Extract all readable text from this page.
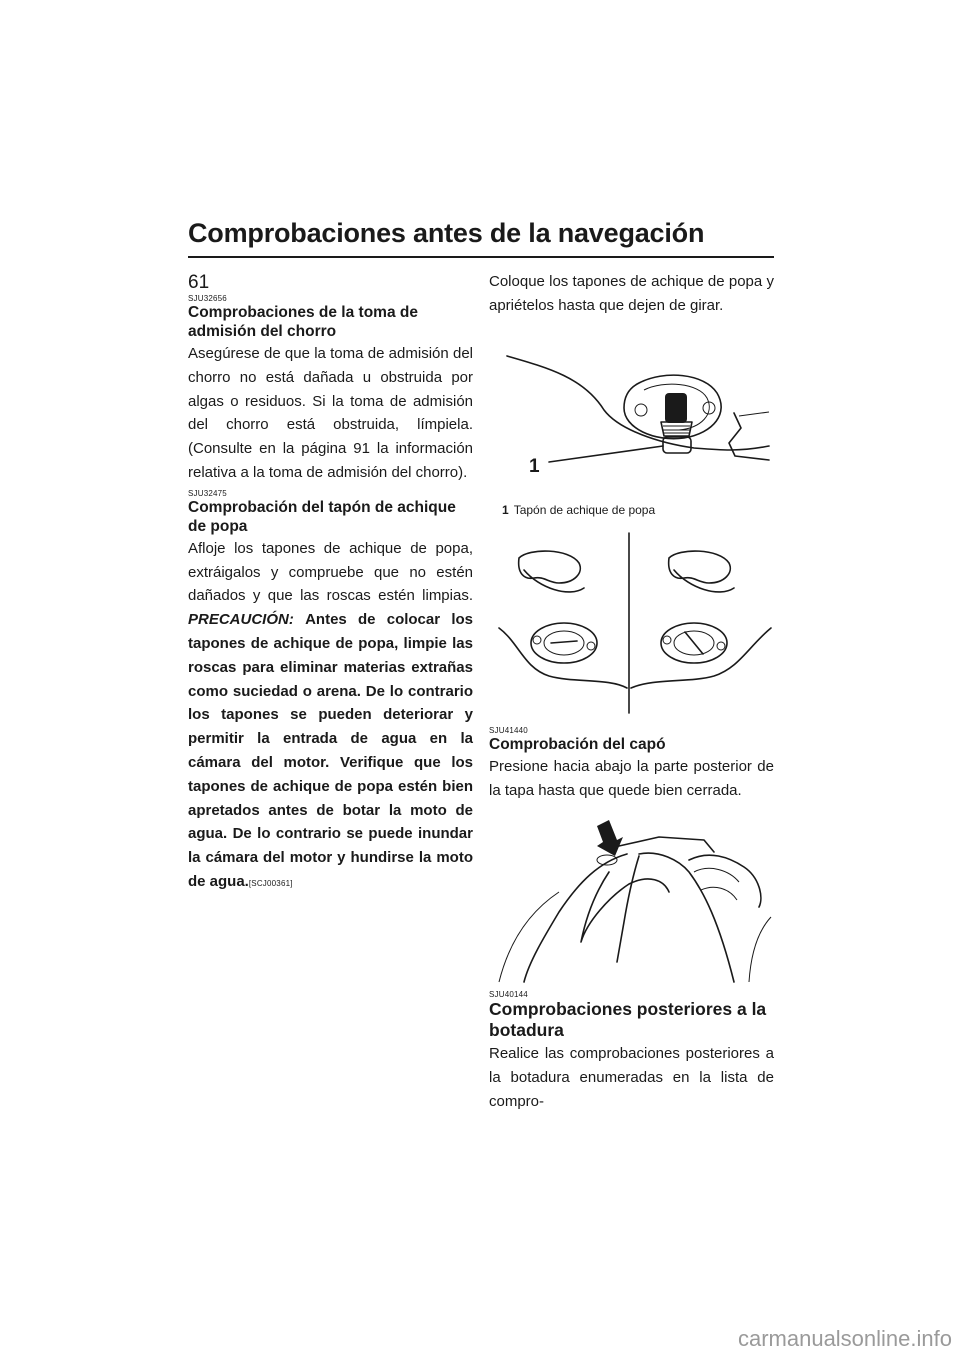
Comprobaciones antes de la navegación
61

SJU32656

Comprobaciones de la toma de admisión del chorro

Asegúrese de que la toma de admisión del chorro no está dañada u obstruida por algas o residuos. Si la toma de admisión del chorro está obstruida, límpiela. (Consulte en la página 91 la información relativa a la toma de admisión del chorro).

SJU32475

Comprobación del tapón de achique de popa

Afloje los tapones de achique de popa, extráigalos y compruebe que no estén dañados y que las roscas estén limpias. PRECAUCIÓN: Antes de colocar los tapones de achique de popa, limpie las roscas para eliminar materias extrañas como suciedad o arena. De lo contrario los tapones se pueden deteriorar y permitir la entrada de agua en la cámara del motor. Verifique que los tapones de achique de popa estén bien apretados antes de botar la moto de agua. De lo contrario se puede inundar la cámara del motor y hundirse la moto de agua.[SCJ00361]

Coloque los tapones de achique de popa y apriételos hasta que dejen de girar.

1
1 Tapón de achique de popa

SJU41440

Comprobación del capó

Presione hacia abajo la parte posterior de la tapa hasta que quede bien cerrada.

SJU40144

Comprobaciones posteriores a la botadura

Realice las comprobaciones posteriores a la botadura enumeradas en la lista de compro-

carmanualsonline.info
